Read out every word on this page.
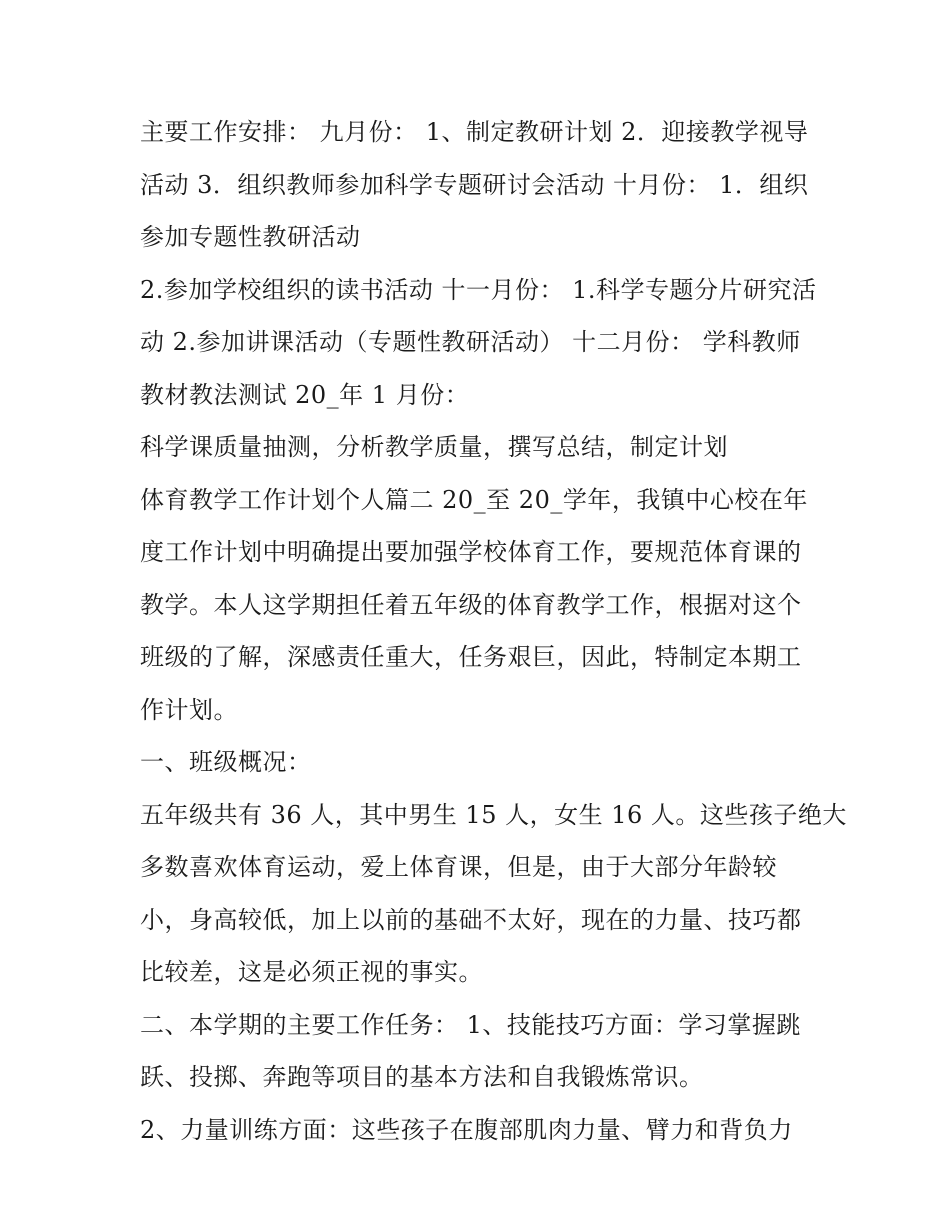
主要工作安排： 九月份： 1、制定教研计划 2．迎接教学视导
活动 3．组织教师参加科学专题研讨会活动 十月份： 1．组织
参加专题性教研活动
2.参加学校组织的读书活动 十一月份： 1.科学专题分片研究活
动 2.参加讲课活动（专题性教研活动） 十二月份： 学科教师
教材教法测试 20_年 1 月份：
科学课质量抽测，分析教学质量，撰写总结，制定计划
体育教学工作计划个人篇二 20_至 20_学年，我镇中心校在年
度工作计划中明确提出要加强学校体育工作，要规范体育课的
教学。本人这学期担任着五年级的体育教学工作，根据对这个
班级的了解，深感责任重大，任务艰巨，因此，特制定本期工
作计划。
一、班级概况：
五年级共有 36 人，其中男生 15 人，女生 16 人。这些孩子绝大
多数喜欢体育运动，爱上体育课，但是，由于大部分年龄较
小，身高较低，加上以前的基础不太好，现在的力量、技巧都
比较差，这是必须正视的事实。
二、本学期的主要工作任务： 1、技能技巧方面：学习掌握跳
跃、投掷、奔跑等项目的基本方法和自我锻炼常识。
2、力量训练方面：这些孩子在腹部肌肉力量、臂力和背负力
